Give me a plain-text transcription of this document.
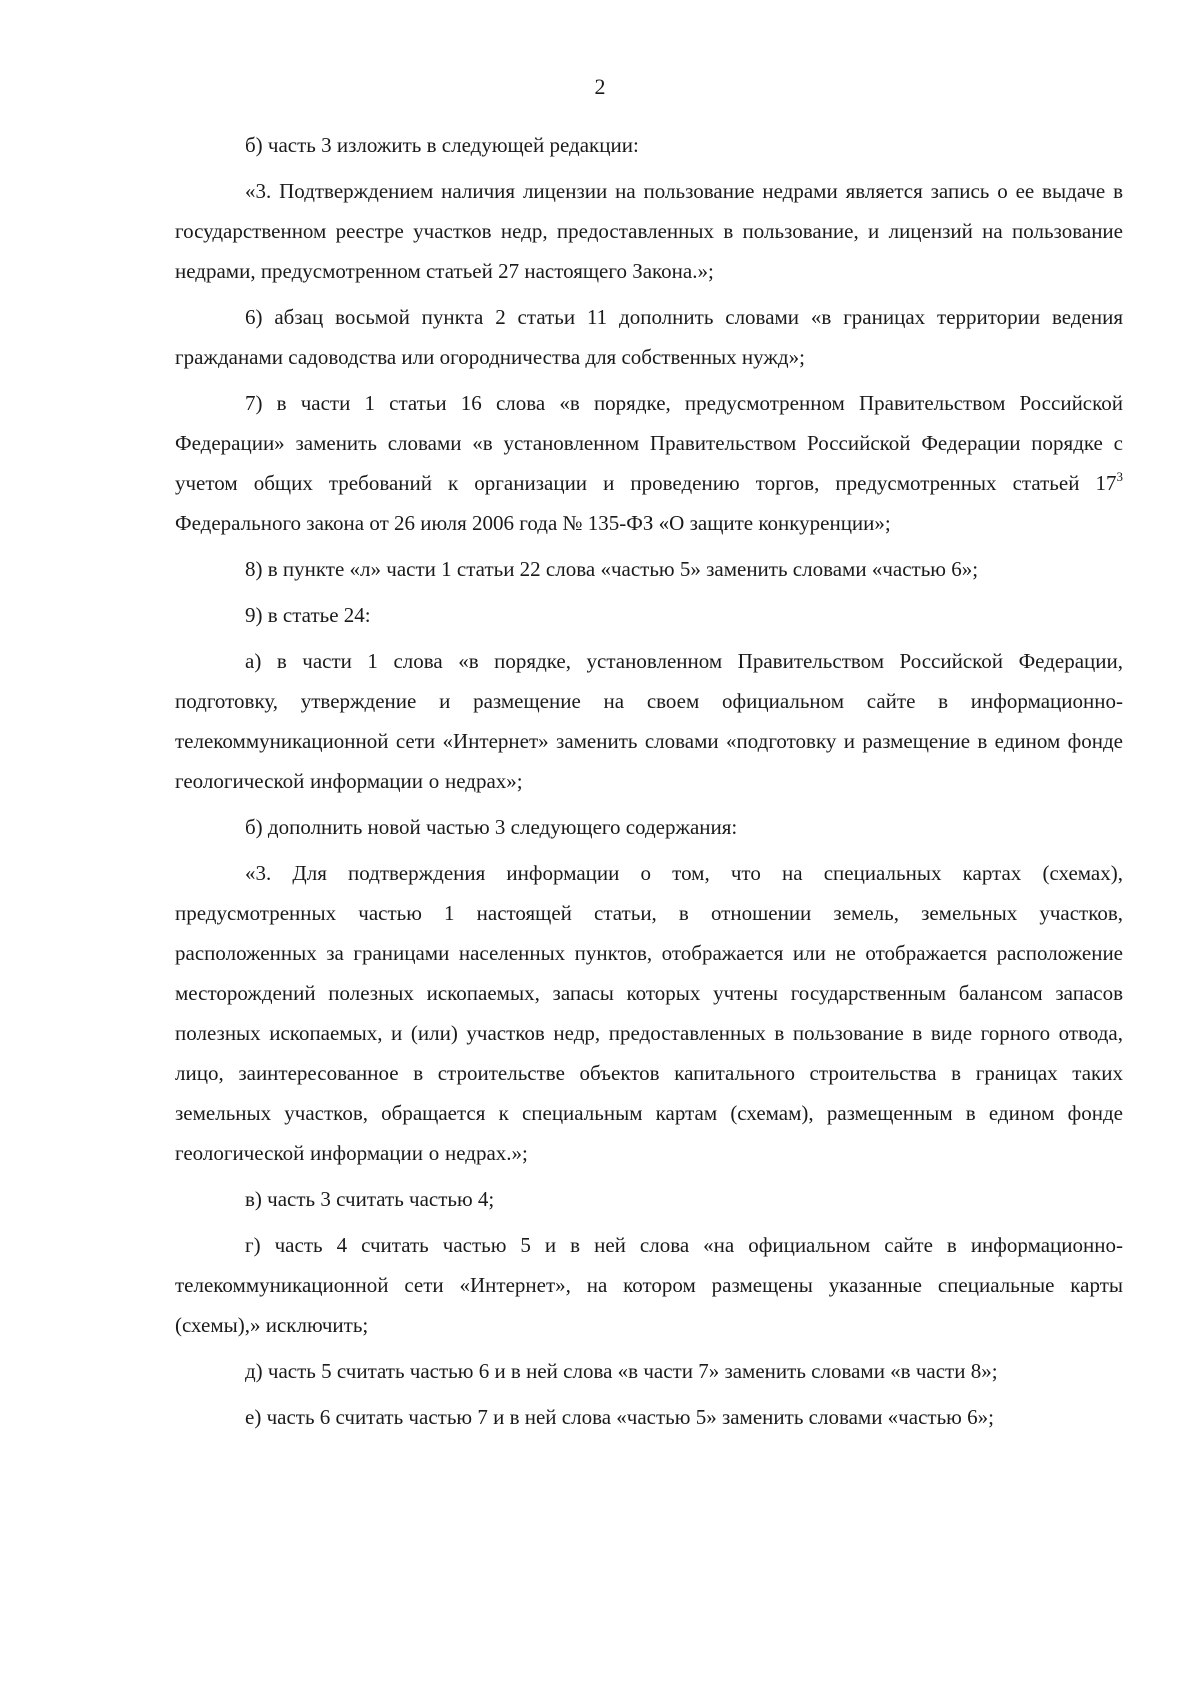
2

б) часть 3 изложить в следующей редакции:

«3. Подтверждением наличия лицензии на пользование недрами является запись о ее выдаче в государственном реестре участков недр, предоставленных в пользование, и лицензий на пользование недрами, предусмотренном статьей 27 настоящего Закона.»;

6) абзац восьмой пункта 2 статьи 11 дополнить словами «в границах территории ведения гражданами садоводства или огородничества для собственных нужд»;

7) в части 1 статьи 16 слова «в порядке, предусмотренном Правительством Российской Федерации» заменить словами «в установленном Правительством Российской Федерации порядке с учетом общих требований к организации и проведению торгов, предусмотренных статьей $17^3$ Федерального закона от 26 июля 2006 года № 135-ФЗ «О защите конкуренции»;

8) в пункте «л» части 1 статьи 22 слова «частью 5» заменить словами «частью 6»;

9) в статье 24:

а) в части 1 слова «в порядке, установленном Правительством Российской Федерации, подготовку, утверждение и размещение на своем официальном сайте в информационно-телекоммуникационной сети «Интернет» заменить словами «подготовку и размещение в едином фонде геологической информации о недрах»;

б) дополнить новой частью 3 следующего содержания:

«3. Для подтверждения информации о том, что на специальных картах (схемах), предусмотренных частью 1 настоящей статьи, в отношении земель, земельных участков, расположенных за границами населенных пунктов, отображается или не отображается расположение месторождений полезных ископаемых, запасы которых учтены государственным балансом запасов полезных ископаемых, и (или) участков недр, предоставленных в пользование в виде горного отвода, лицо, заинтересованное в строительстве объектов капитального строительства в границах таких земельных участков, обращается к специальным картам (схемам), размещенным в едином фонде геологической информации о недрах.»;

в) часть 3 считать частью 4;

г) часть 4 считать частью 5 и в ней слова «на официальном сайте в информационно-телекоммуникационной сети «Интернет», на котором размещены указанные специальные карты (схемы),» исключить;

д) часть 5 считать частью 6 и в ней слова «в части 7» заменить словами «в части 8»;

е) часть 6 считать частью 7 и в ней слова «частью 5» заменить словами «частью 6»;
